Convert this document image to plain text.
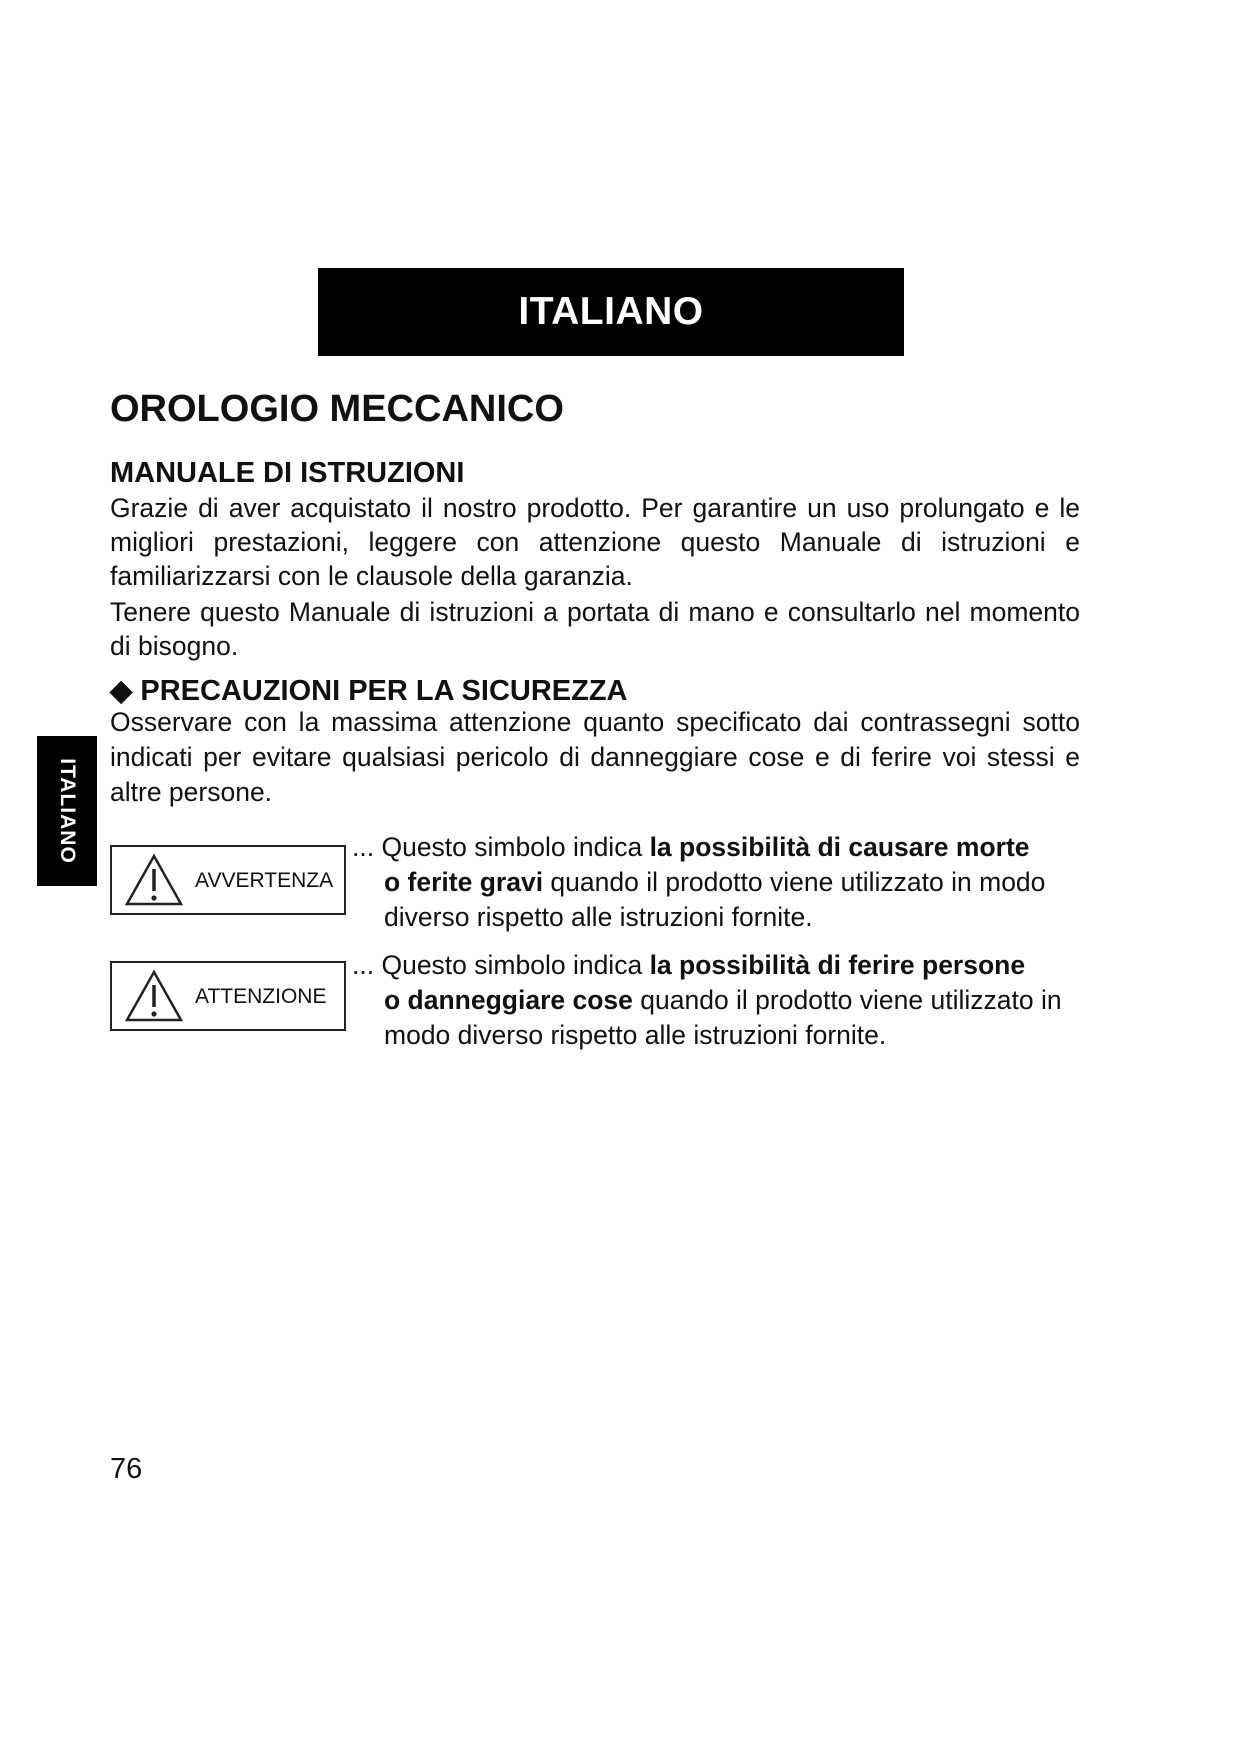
ITALIANO
ITALIANO
OROLOGIO MECCANICO
MANUALE DI ISTRUZIONI

Grazie di aver acquistato il nostro prodotto. Per garantire un uso prolungato e le migliori prestazioni, leggere con attenzione questo Manuale di istruzioni e familiarizzarsi con le clausole della garanzia.

Tenere questo Manuale di istruzioni a portata di mano e consultarlo nel momento di bisogno.

◆ PRECAUZIONI PER LA SICUREZZA

Osservare con la massima attenzione quanto specificato dai contrassegni sotto indicati per evitare qualsiasi pericolo di danneggiare cose e di ferire voi stessi e altre persone.

AVVERTENZA

... Questo simbolo indica la possibilità di causare morte
o ferite gravi quando il prodotto viene utilizzato in modo diverso rispetto alle istruzioni fornite.

ATTENZIONE

... Questo simbolo indica la possibilità di ferire persone
o danneggiare cose quando il prodotto viene utilizzato in modo diverso rispetto alle istruzioni fornite.

76
